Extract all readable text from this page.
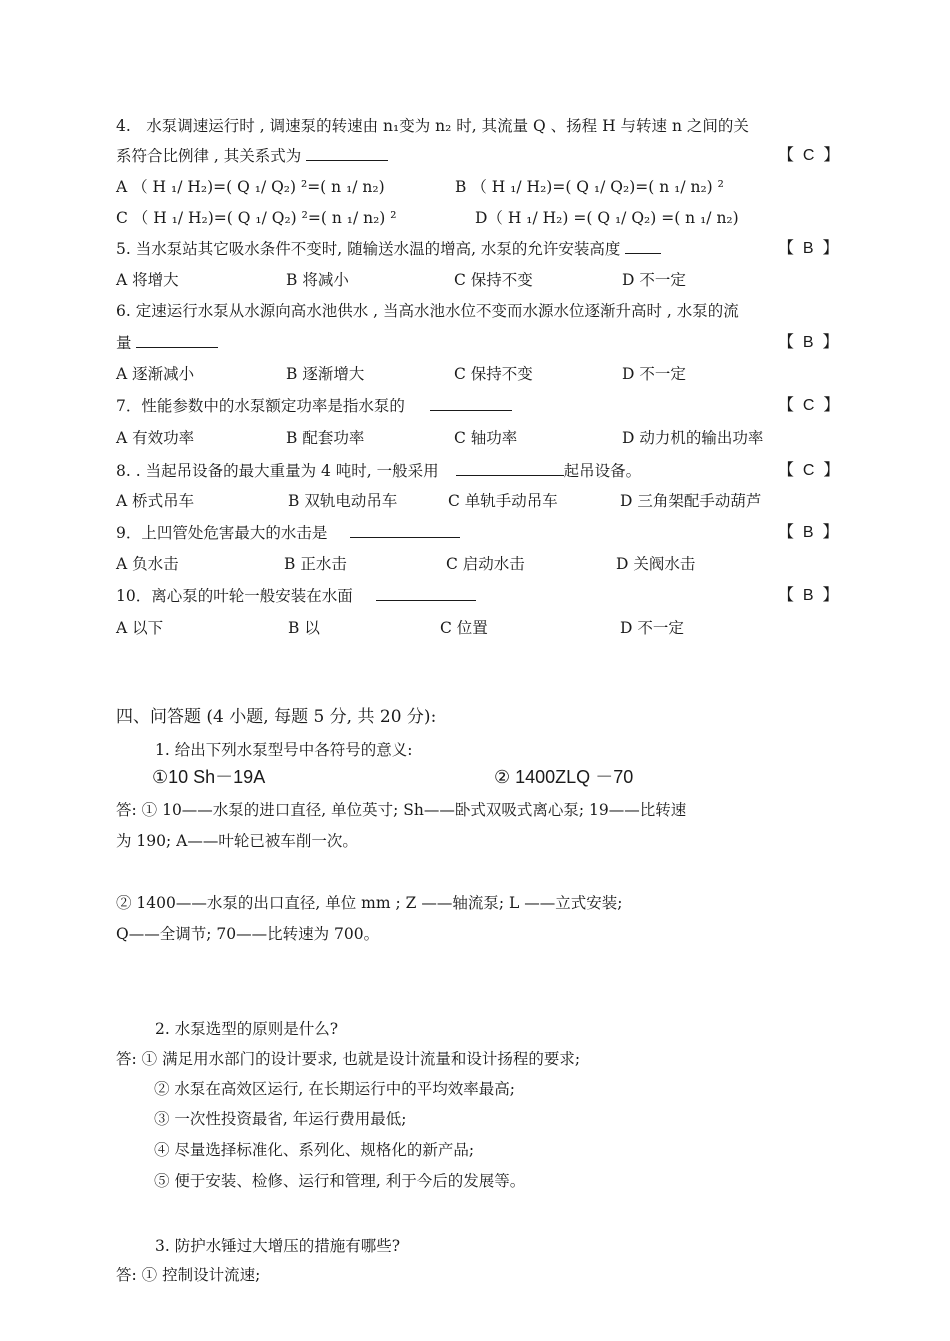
4.　水泵调速运行时 , 调速泵的转速由 n₁变为 n₂ 时, 其流量 Q 、扬程 H 与转速 n 之间的关
系符合比例律 , 其关系式为	【  C  】
A （ H ₁/ H₂)=( Q ₁/ Q₂) ²=( n ₁/ n₂)	B （ H ₁/ H₂)=( Q ₁/ Q₂)=( n ₁/ n₂) ²
C （ H ₁/ H₂)=( Q ₁/ Q₂) ²=( n ₁/ n₂) ²	D（ H ₁/ H₂) =( Q ₁/ Q₂) =( n ₁/ n₂)
5. 当水泵站其它吸水条件不变时, 随输送水温的增高, 水泵的允许安装高度	【  B  】
A 将增大	B 将减小	C 保持不变	D 不一定
6. 定速运行水泵从水源向高水池供水 , 当高水池水位不变而水源水位逐渐升高时 , 水泵的流
量	【  B  】
A 逐渐减小	B 逐渐增大	C 保持不变	D 不一定
7．性能参数中的水泵额定功率是指水泵的	【  C  】
A 有效功率	B 配套功率	C 轴功率	D 动力机的输出功率
8. . 当起吊设备的最大重量为 4 吨时, 一般采用	起吊设备。	【  C  】
A 桥式吊车	B 双轨电动吊车	C 单轨手动吊车	D 三角架配手动葫芦
9．上凹管处危害最大的水击是	【  B  】
A 负水击	B 正水击	C 启动水击	D 关阀水击
10．离心泵的叶轮一般安装在水面	【  B  】
A 以下	B 以	C 位置	D 不一定
四、问答题 (4 小题, 每题 5 分, 共 20 分):
1. 给出下列水泵型号中各符号的意义:
①10 Sh－19A	② 1400ZLQ －70
答: ① 10——水泵的进口直径, 单位英寸; Sh——卧式双吸式离心泵; 19——比转速
为 190; A——叶轮已被车削一次。
② 1400——水泵的出口直径, 单位 mm ; Z ——轴流泵; L ——立式安装;
Q——全调节; 70——比转速为 700。
2. 水泵选型的原则是什么?
答: ① 满足用水部门的设计要求, 也就是设计流量和设计扬程的要求;
② 水泵在高效区运行, 在长期运行中的平均效率最高;
③ 一次性投资最省, 年运行费用最低;
④ 尽量选择标准化、系列化、规格化的新产品;
⑤ 便于安装、检修、运行和管理, 利于今后的发展等。
3. 防护水锤过大增压的措施有哪些?
答: ① 控制设计流速;
